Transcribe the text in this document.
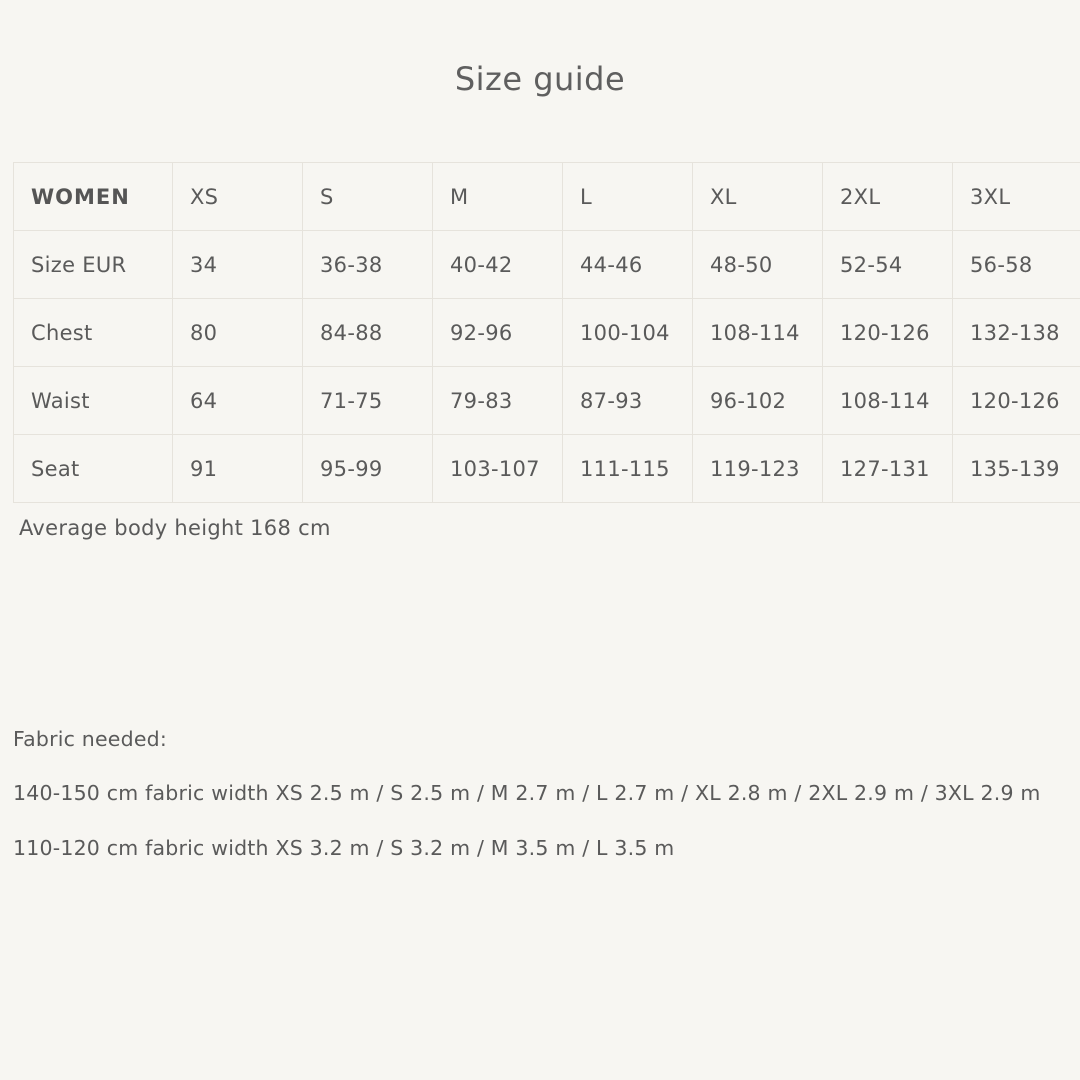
Size guide
WOMEN	XS	S	M	L	XL	2XL	3XL
Size EUR	34	36-38	40-42	44-46	48-50	52-54	56-58
Chest	80	84-88	92-96	100-104	108-114	120-126	132-138
Waist	64	71-75	79-83	87-93	96-102	108-114	120-126
Seat	91	95-99	103-107	111-115	119-123	127-131	135-139

Average body height 168 cm

Fabric needed:

140-150 cm fabric width XS 2.5 m / S 2.5 m / M 2.7 m / L 2.7 m / XL 2.8 m / 2XL 2.9 m / 3XL 2.9 m

110-120 cm fabric width XS 3.2 m / S 3.2 m / M 3.5 m / L 3.5 m
